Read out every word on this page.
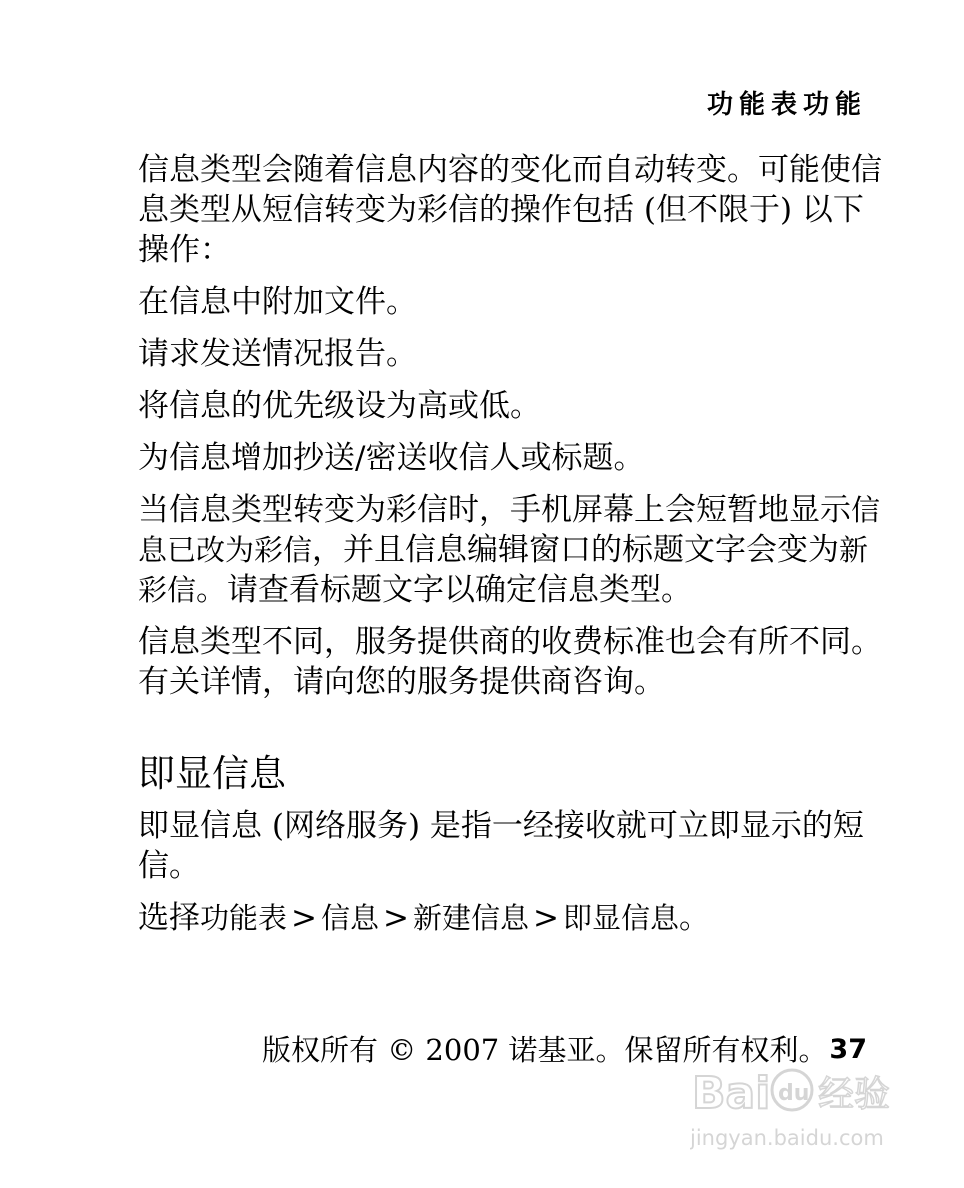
功能表功能

信息类型会随着信息内容的变化而自动转变。可能使信息类型从短信转变为彩信的操作包括 (但不限于) 以下操作：

在信息中附加文件。

请求发送情况报告。

将信息的优先级设为高或低。

为信息增加抄送/密送收信人或标题。

当信息类型转变为彩信时，手机屏幕上会短暂地显示信息已改为彩信，并且信息编辑窗口的标题文字会变为新彩信。请查看标题文字以确定信息类型。

信息类型不同，服务提供商的收费标准也会有所不同。有关详情，请向您的服务提供商咨询。

即显信息

即显信息 (网络服务) 是指一经接收就可立即显示的短信。

选择功能表 > 信息 > 新建信息 > 即显信息。

版权所有 © 2007 诺基亚。保留所有权利。 37
Bai du 经验
jingyan.baidu.com
